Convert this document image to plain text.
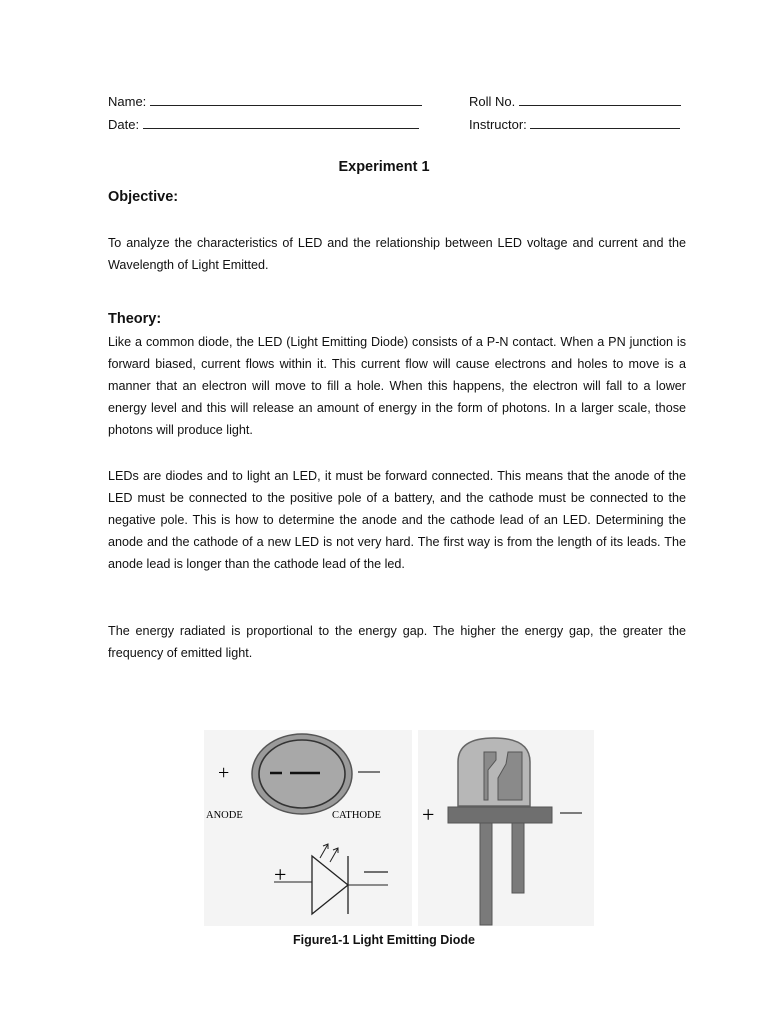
Name:
Date:
Roll No.
Instructor:
Experiment 1
Objective:

To analyze the characteristics of LED and the relationship between LED voltage and current and the Wavelength of Light Emitted.

Theory:

Like a common diode, the LED (Light Emitting Diode) consists of a P-N contact. When a PN junction is forward biased, current flows within it. This current flow will cause electrons and holes to move is a manner that an electron will move to fill a hole. When this happens, the electron will fall to a lower energy level and this will release an amount of energy in the form of photons. In a larger scale, those photons will produce light.

LEDs are diodes and to light an LED, it must be forward connected. This means that the anode of the LED must be connected to the positive pole of a battery, and the cathode must be connected to the negative pole. This is how to determine the anode and the cathode lead of an LED. Determining the anode and the cathode of a new LED is not very hard. The first way is from the length of its leads. The anode lead is longer than the cathode lead of the led.

The energy radiated is proportional to the energy gap. The higher the energy gap, the greater the frequency of emitted light.

+
ANODE	CATHODE
+
+
Figure1-1 Light Emitting Diode
